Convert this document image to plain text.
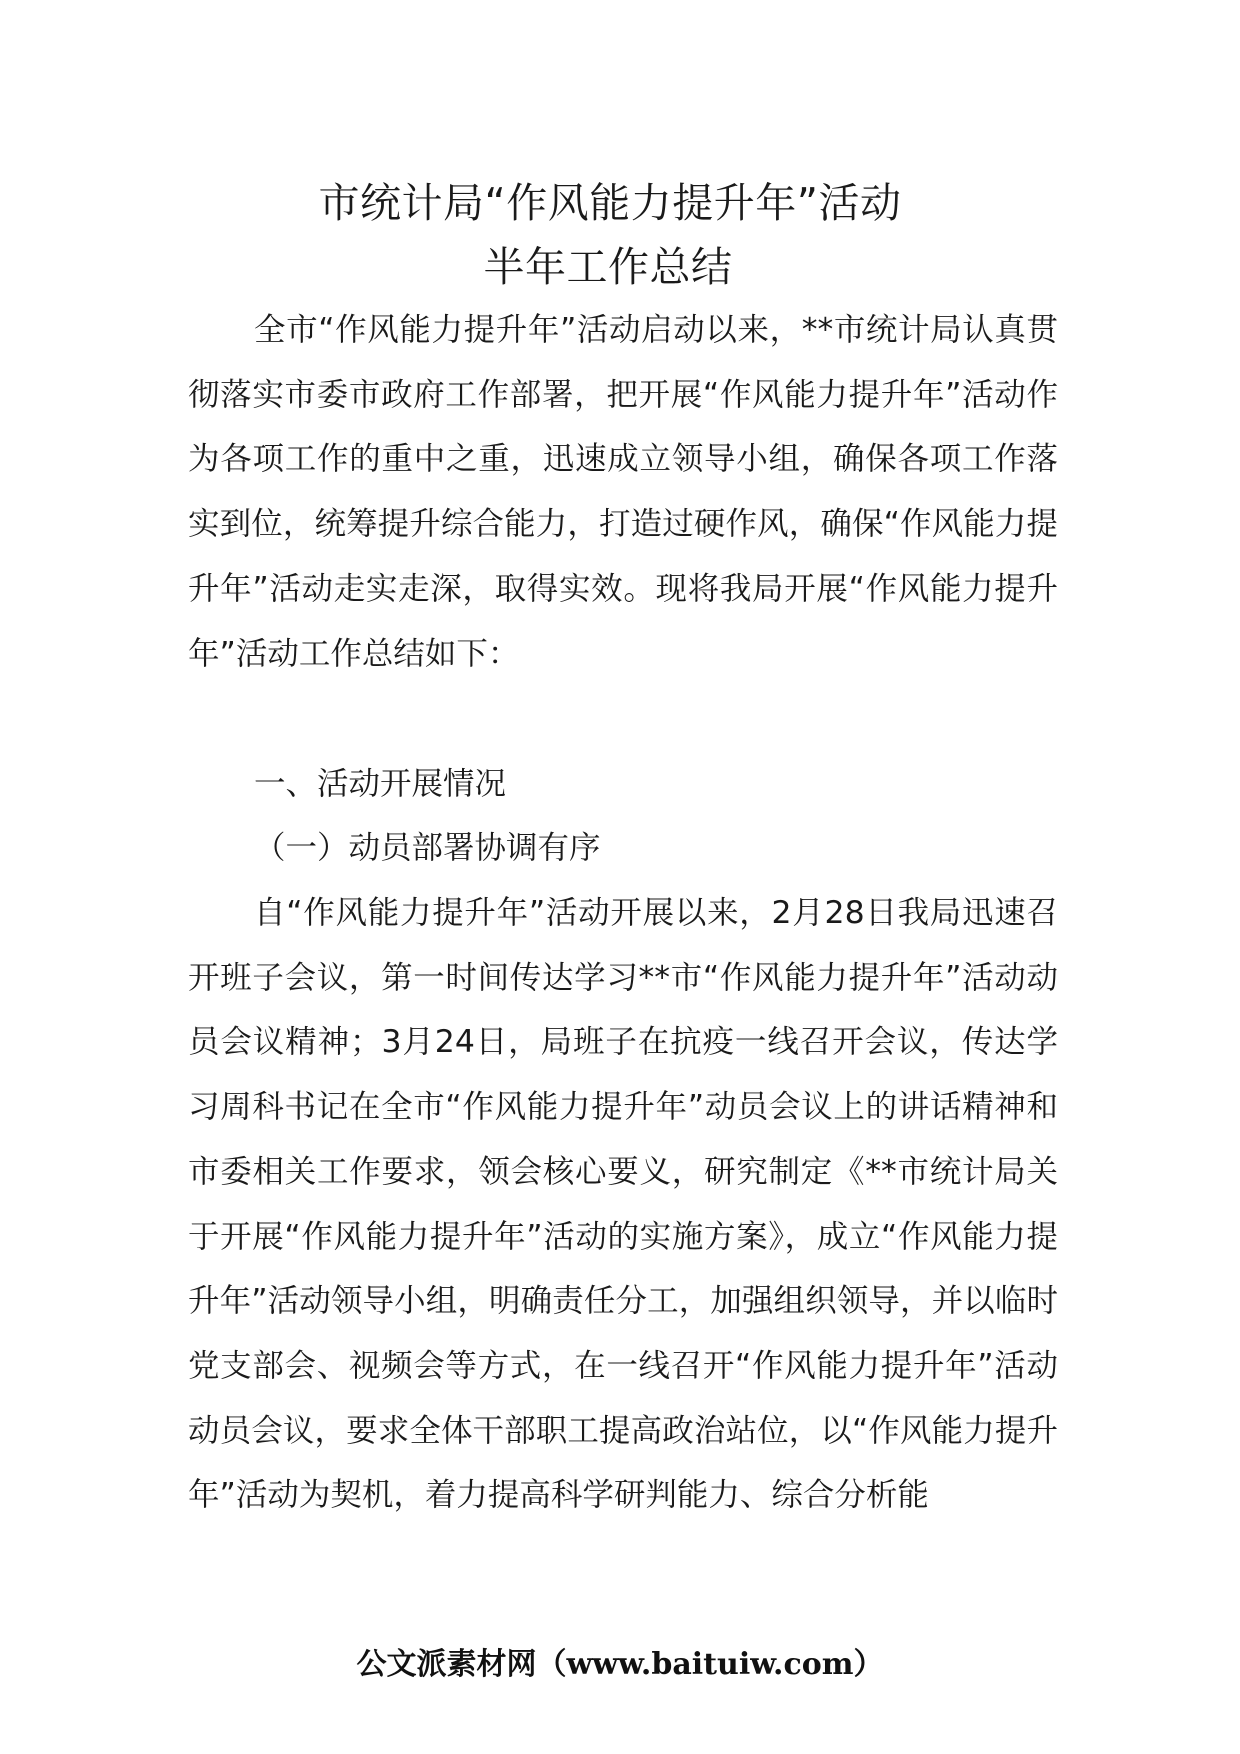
市统计局“作风能力提升年”活动
半年工作总结

全市“作风能力提升年”活动启动以来，**市统计局认真贯彻落实市委市政府工作部署，把开展“作风能力提升年”活动作为各项工作的重中之重，迅速成立领导小组，确保各项工作落实到位，统筹提升综合能力，打造过硬作风，确保“作风能力提升年”活动走实走深，取得实效。现将我局开展“作风能力提升年”活动工作总结如下：

一、活动开展情况
（一）动员部署协调有序

自“作风能力提升年”活动开展以来，2月28日我局迅速召开班子会议，第一时间传达学习**市“作风能力提升年”活动动员会议精神；3月24日，局班子在抗疫一线召开会议，传达学习周科书记在全市“作风能力提升年”动员会议上的讲话精神和市委相关工作要求，领会核心要义，研究制定《**市统计局关于开展“作风能力提升年”活动的实施方案》，成立“作风能力提升年”活动领导小组，明确责任分工，加强组织领导，并以临时党支部会、视频会等方式，在一线召开“作风能力提升年”活动动员会议，要求全体干部职工提高政治站位，以“作风能力提升年”活动为契机，着力提高科学研判能力、综合分析能

公文派素材网（www.baituiw.com）
